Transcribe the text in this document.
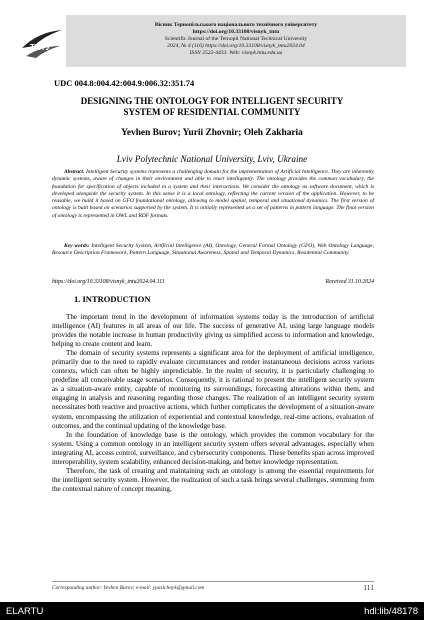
ТНТУ
Вісник Тернопільського національного технічного університету
https://doi.org/10.33108/visnyk_tntu
Scientific Journal of the Ternopil National Technical University
2024, № 4 (116) https://doi.org/10.33108/visnyk_tntu2024.04
ISSN 2522-4433. Web: visnyk.tntu.edu.ua
UDC 004.8:004.42:004.9:006.32:351.74
DESIGNING THE ONTOLOGY FOR INTELLIGENT SECURITY
SYSTEM OF RESIDENTIAL COMMUNITY
Yevhen Burov; Yurii Zhovnir; Oleh Zakharia
Lviv Polytechnic National University, Lviv, Ukraine

Abstract. Intelligent Security systems represents a challenging domain for the implementation of Artificial Intelligence. They are inherently dynamic systems, aware of changes in their environment and able to react intelligently. The ontology provides the common vocabulary, the foundation for specification of objects included in a system and their interactions. We consider the ontology as software document, which is developed alongside the security system. In this sense it is a local ontology, reflecting the current version of the application. However, to be reusable, we build it based on GFO foundational ontology, allowing to model spatial, temporal and situational dynamics. The first version of ontology is built based on scenarios supported by the system. It is initially represented as a set of patterns in pattern language. The final version of ontology is represented in OWL and RDF formats.

Key words: Intelligent Security System, Artificial Intelligence (AI), Ontology, General Formal Ontology (GFO), Web Ontology Language, Resource Description Framework, Pattern Language, Situational Awareness, Spatial and Temporal Dynamics, Residential Community.

https://doi.org/10.33108/visnyk_tntu2024.04.111	Received 31.10.2024
1. INTRODUCTION

The important trend in the development of information systems today is the introduction of artificial intelligence (AI) features in all areas of our life. The success of generative AI, using large language models provides the notable increase in human productivity giving us simplified access to information and knowledge, helping to create content and learn.

The domain of security systems represents a significant area for the deployment of artificial intelligence, primarily due to the need to rapidly evaluate circumstances and render instantaneous decisions across various contexts, which can often be highly unpredictable. In the realm of security, it is particularly challenging to predefine all conceivable usage scenarios. Consequently, it is rational to present the intelligent security system as a situation-aware entity, capable of monitoring its surroundings, forecasting alterations within them, and engaging in analysis and reasoning regarding those changes. The realization of an intelligent security system necessitates both reactive and proactive actions, which further complicates the development of a situation-aware system, encompassing the utilization of experiential and contextual knowledge, real-time actions, evaluation of outcomes, and the continual updating of the knowledge base.

In the foundation of knowledge base is the ontology, which provides the common vocabulary for the system. Using a common ontology in an intelligent security system offers several advantages, especially when integrating AI, access control, surveillance, and cybersecurity components. These benefits span across improved interoperability, system scalability, enhanced decision-making, and better knowledge representation.

Therefore, the task of creating and maintaining such an ontology is among the essential requirements for the intelligent security system. However, the realization of such a task brings several challenges, stemming from the contextual nature of concept meaning,

Corresponding author: Yevhen Burov; e-mail: ypasichnyk@gmail.com	111
ELARTU	hdl:lib/48178
